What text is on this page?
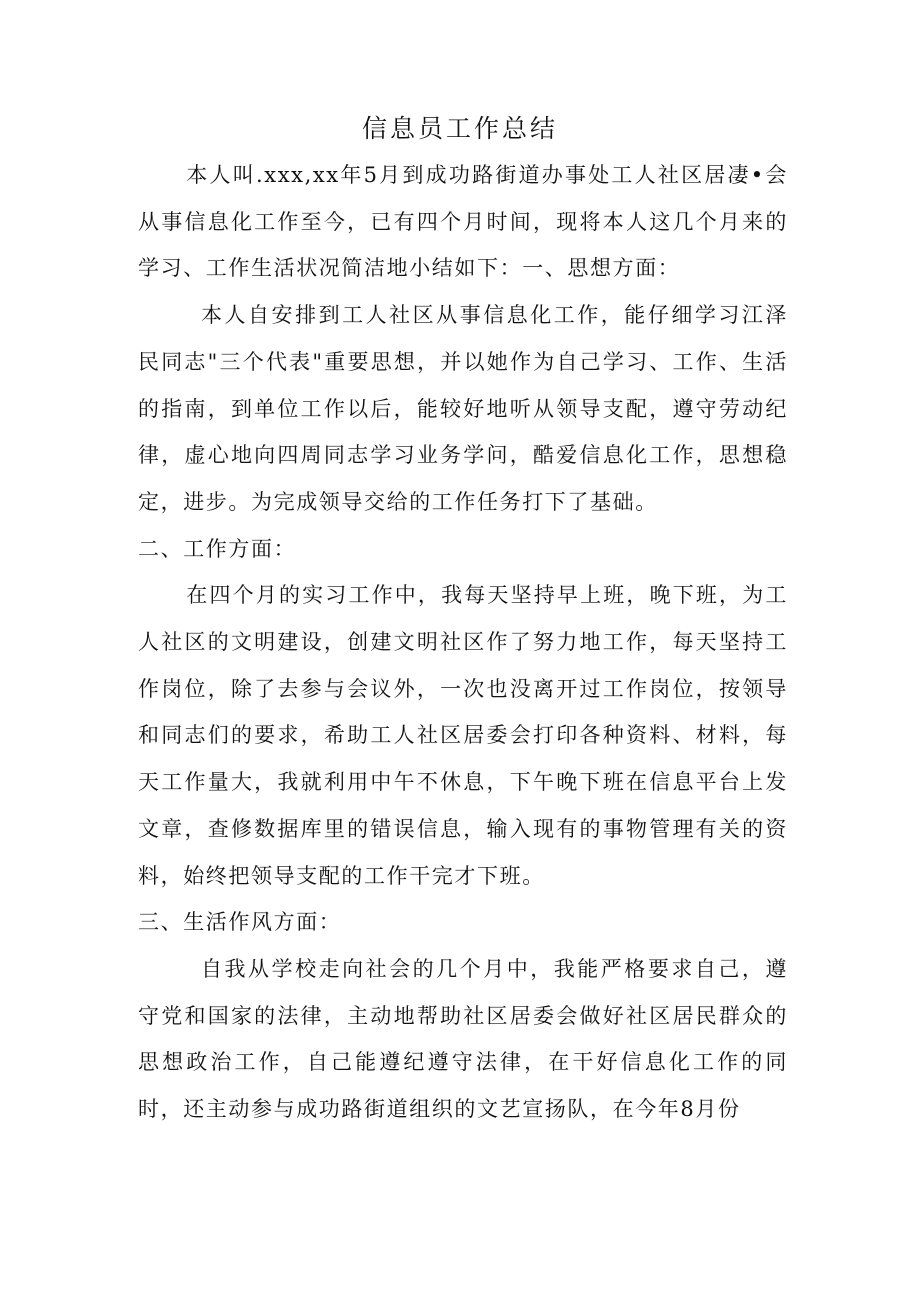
信息员工作总结

本人叫.xxx,xx年5月到成功路街道办事处工人社区居凄•会从事信息化工作至今，已有四个月时间，现将本人这几个月来的学习、工作生活状况简洁地小结如下：一、思想方面：

本人自安排到工人社区从事信息化工作，能仔细学习江泽民同志"三个代表"重要思想，并以她作为自己学习、工作、生活的指南，到单位工作以后，能较好地听从领导支配，遵守劳动纪律，虚心地向四周同志学习业务学问，酷爱信息化工作，思想稳定，进步。为完成领导交给的工作任务打下了基础。

二、工作方面：

在四个月的实习工作中，我每天坚持早上班，晚下班，为工人社区的文明建设，创建文明社区作了努力地工作，每天坚持工作岗位，除了去参与会议外，一次也没离开过工作岗位，按领导和同志们的要求，希助工人社区居委会打印各种资料、材料，每天工作量大，我就利用中午不休息，下午晚下班在信息平台上发文章，查修数据库里的错误信息，输入现有的事物管理有关的资料，始终把领导支配的工作干完才下班。

三、生活作风方面：

自我从学校走向社会的几个月中，我能严格要求自己，遵守党和国家的法律，主动地帮助社区居委会做好社区居民群众的思想政治工作，自己能遵纪遵守法律，在干好信息化工作的同时，还主动参与成功路街道组织的文艺宣扬队，在今年8月份
